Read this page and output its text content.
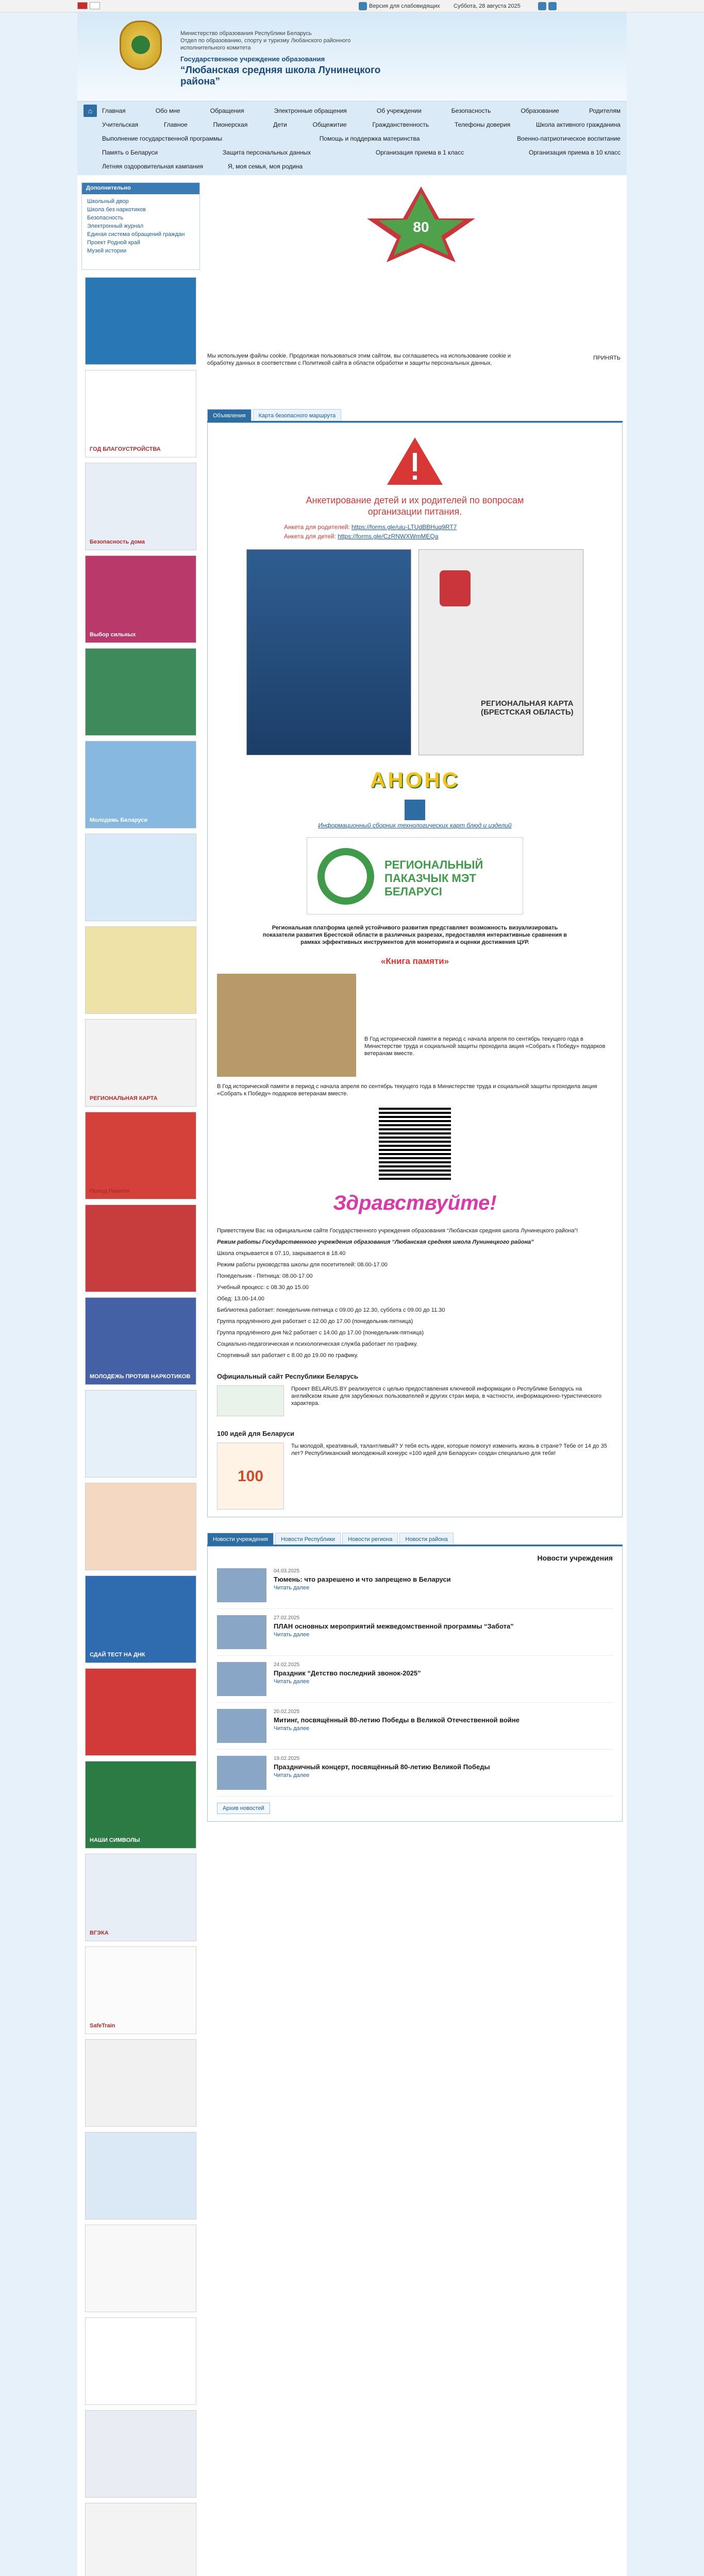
Версия для слабовидящих Суббота, 28 августа 2025
Министерство образования Республики Беларусь
Отдел по образованию, спорту и туризму Любанского районного исполнительного комитета
Государственное учреждение образования
“Любанская средняя школа Лунинецкого района”
⌂	Главная	Обо мне	Обращения	Электронные обращения	Об учреждении	Безопасность	Образование	Родителям
Учительская	Главное	Пионерская	Дети	Общежитие	Гражданственность	Телефоны доверия	Школа активного гражданина
Выполнение государственной программы	Помощь и поддержка материнства	Военно-патриотическое воспитание
Память о Беларуси	Защита персональных данных	Организация приема в 1 класс	Организация приема в 10 класс
Летняя оздоровительная кампания	Я, моя семья, моя родина
Дополнительно
Школьный двор
Школа без наркотиков
Безопасность
Электронный журнал
Единая система обращений граждан
Проект Родной край
Музей истории
ГОД БЛАГОУСТРОЙСТВА
Безопасность дома
Выбор сильных
Молодежь Беларуси
РЕГИОНАЛЬНАЯ КАРТА
Поход Памяти
МОЛОДЕЖЬ ПРОТИВ НАРКОТИКОВ
СДАЙ ТЕСТ НА ДНК
НАШИ СИМВОЛЫ
ВГЭКА
SafeTrain
80
Мы используем файлы cookie. Продолжая пользоваться этим сайтом, вы соглашаетесь на использование cookie и обработку данных в соответствии с Политикой сайта в области обработки и защиты персональных данных.
ПРИНЯТЬ
Объявления	Карта безопасного маршрута
Анкетирование детей и их родителей по вопросам организации питания.
Анкета для родителей: https://forms.gle/uiu-LTUdBBHuq9RT7
Анкета для детей: https://forms.gle/CzRNWXWmMEQa
РЕГИОНАЛЬНАЯ КАРТА (БРЕСТСКАЯ ОБЛАСТЬ)
АНОНС
Информационный сборник технологических карт блюд и изделий
РЕГИОНАЛЬНЫЙ ПАКАЗЧЫК МЭТ БЕЛАРУСІ
Региональная платформа целей устойчивого развития представляет возможность визуализировать показатели развития Брестской области в различных разрезах, предоставляя интерактивные сравнения в рамках эффективных инструментов для мониторинга и оценки достижения ЦУР.
«Книга памяти»
В Год исторической памяти в период с начала апреля по сентябрь текущего года в Министерстве труда и социальной защиты проходила акция «Собрать к Победу» подарков ветеранам вместе.
В Год исторической памяти в период с начала апреля по сентябрь текущего года в Министерстве труда и социальной защиты проходила акция «Собрать к Победу» подарков ветеранам вместе.
Здравствуйте!
Приветствуем Вас на официальном сайте Государственного учреждения образования “Любанская средняя школа Лунинецкого района”!
Режим работы Государственного учреждения образования “Любанская средняя школа Лунинецкого района”
Школа открывается в 07.10, закрывается в 18.40
Режим работы руководства школы для посетителей: 08.00-17.00
Понедельник - Пятница: 08.00-17.00
Учебный процесс: с 08.30 до 15.00
Обед: 13.00-14.00
Библиотека работает: понедельник-пятница с 09.00 до 12.30, суббота с 09.00 до 11.30
Группа продлённого дня работает с 12.00 до 17.00 (понедельник-пятница)
Группа продлённого дня №2 работает с 14.00 до 17.00 (понедельник-пятница)
Социально-педагогическая и психологическая служба работает по графику.
Спортивный зал работает с 8.00 до 19.00 по графику.
Официальный сайт Республики Беларусь
Проект BELARUS.BY реализуется с целью предоставления ключевой информации о Республике Беларусь на английском языке для зарубежных пользователей и других стран мира, в частности, информационно-туристического характера.
100 идей для Беларуси
100
Ты молодой, креативный, талантливый? У тебя есть идеи, которые помогут изменить жизнь в стране? Тебе от 14 до 35 лет? Республиканский молодежный конкурс «100 идей для Беларуси» создан специально для тебя!
Новости учреждения	Новости Республики	Новости региона	Новости района
Новости учреждения
04.03.2025
Тюмень: что разрешено и что запрещено в Беларуси
Читать далее
27.02.2025
ПЛАН основных мероприятий межведомственной программы “Забота”
Читать далее
24.02.2025
Праздник “Детство последний звонок-2025”
Читать далее
20.02.2025
Митинг, посвящённый 80-летию Победы в Великой Отечественной войне
Читать далее
19.02.2025
Праздничный концерт, посвящённый 80-летию Великой Победы
Читать далее
Архив новостей
